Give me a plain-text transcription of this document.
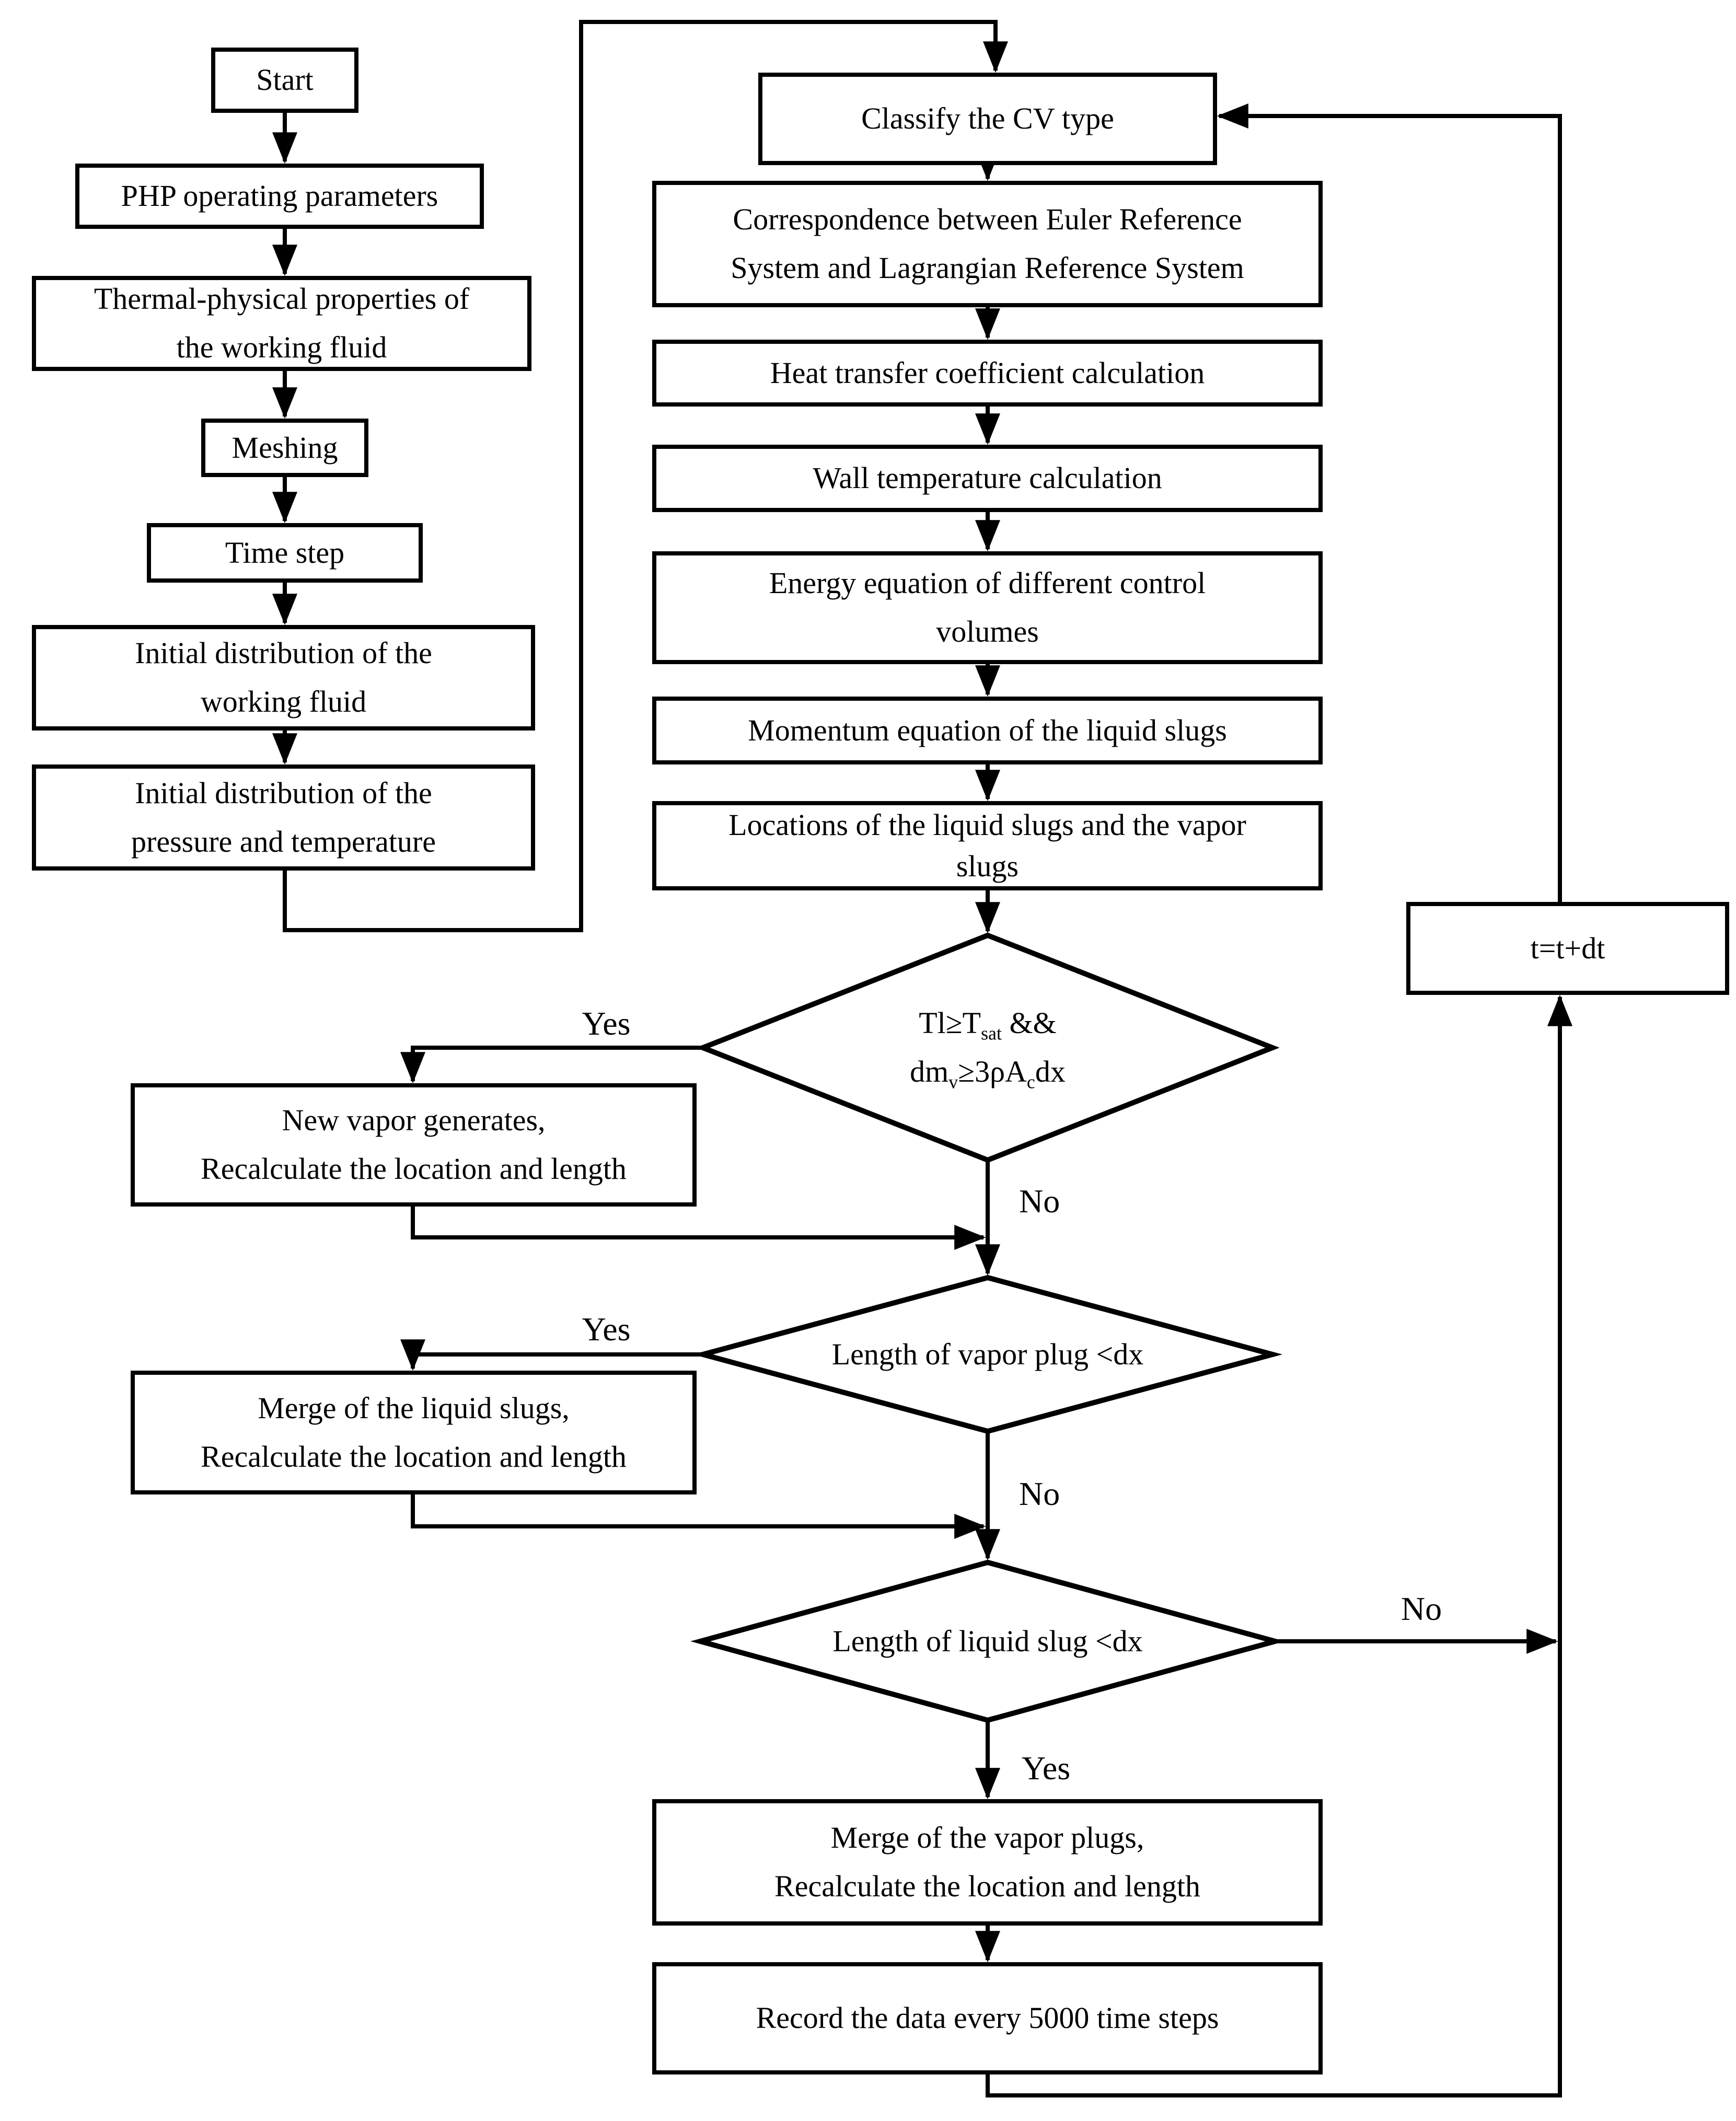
Start
PHP operating parameters
Thermal-physical properties of
the working fluid
Meshing
Time step
Initial distribution of the
working fluid
Initial distribution of the
pressure and temperature
Classify the CV type
Correspondence between Euler Reference
System and Lagrangian Reference System
Heat transfer coefficient calculation
Wall temperature calculation
Energy equation of different control
volumes
Momentum equation of the liquid slugs
Locations of the liquid slugs and the vapor
slugs
$Tl\ge T_{sat}$ &&
$dm_v\ge 3\rho A_cdx$
New vapor generates,
Recalculate the location and length
Length of vapor plug <dx
Merge of the liquid slugs,
Recalculate the location and length
Length of liquid slug <dx
Merge of the vapor plugs,
Recalculate the location and length
Record the data every 5000 time steps
t=t+dt
Yes
No
Yes
No
No
Yes
